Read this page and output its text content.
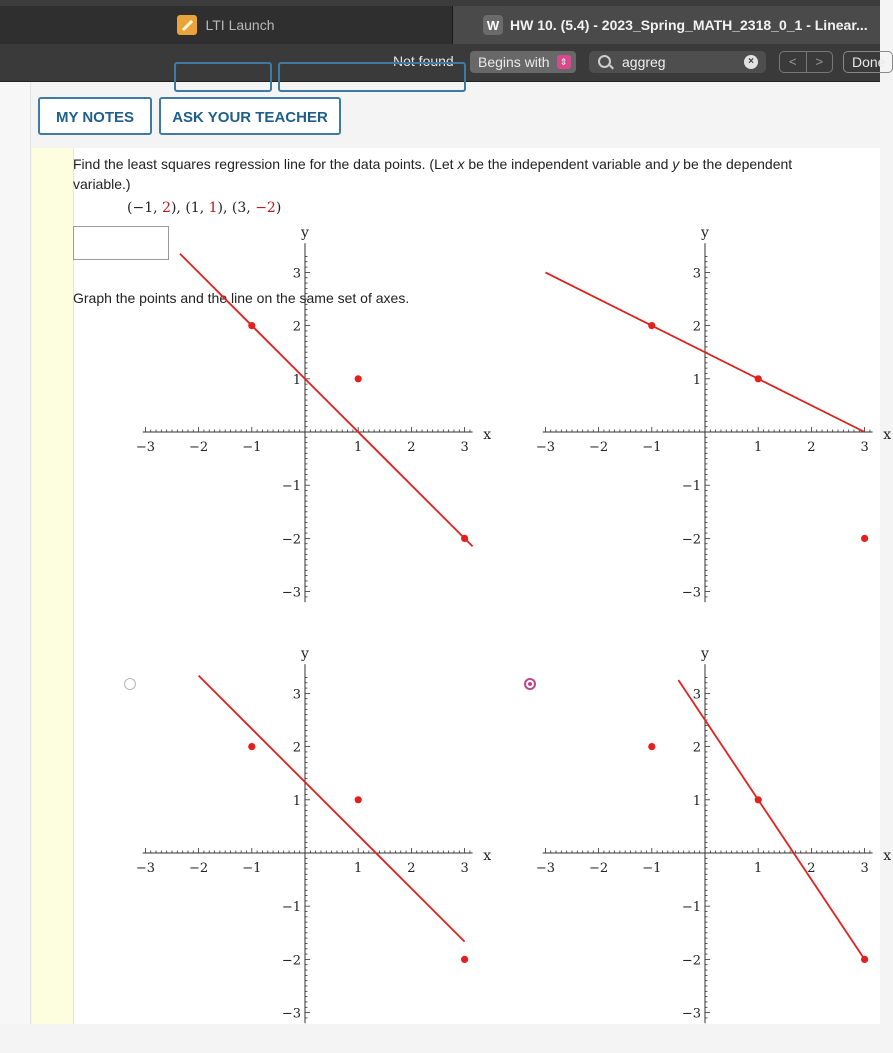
LTI Launch	W HW 10. (5.4) - 2023_Spring_MATH_2318_0_1 - Linear...
Not found	Begins with	⇕	aggreg	×	<	>	Done
MY NOTES	ASK YOUR TEACHER
Find the least squares regression line for the data points. (Let x be the independent variable and y be the dependent variable.)
(−1, 2), (1, 1), (3, −2)
Graph the points and the line on the same set of axes.
−3
−3
−2
−2
−1
−1
1
1
2
2
3
3
x
y
−3
−3
−2
−2
−1
−1
1
1
2
2
3
3
x
y
−3
−3
−2
−2
−1
−1
1
1
2
2
3
3
x
y
−3
−3
−2
−2
−1
−1
1
1
2
2
3
3
x
y
